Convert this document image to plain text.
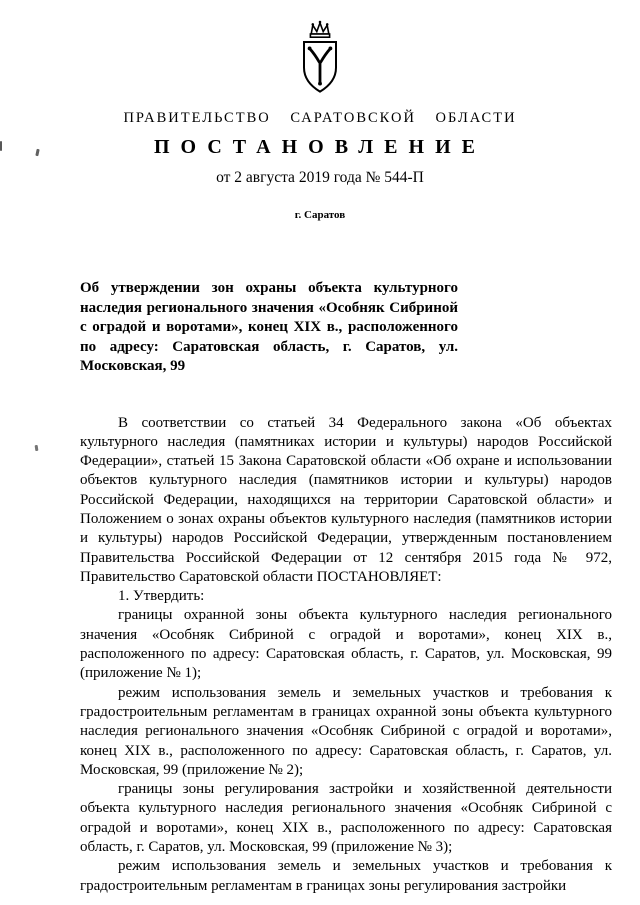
ПРАВИТЕЛЬСТВО САРАТОВСКОЙ ОБЛАСТИ
ПОСТАНОВЛЕНИЕ
от 2 августа 2019 года № 544-П
г. Саратов
Об утверждении зон охраны объекта культурного наследия регионального значения «Особняк Сибриной с оградой и воротами», конец XIX в., расположенного по адресу: Саратовская область, г. Саратов, ул. Московская, 99

В соответствии со статьей 34 Федерального закона «Об объектах культурного наследия (памятниках истории и культуры) народов Российской Федерации», статьей 15 Закона Саратовской области «Об охране и использовании объектов культурного наследия (памятников истории и культуры) народов Российской Федерации, находящихся на территории Саратовской области» и Положением о зонах охраны объектов культурного наследия (памятников истории и культуры) народов Российской Федерации, утвержденным постановлением Правительства Российской Федерации от 12 сентября 2015 года № 972, Правительство Саратовской области ПОСТАНОВЛЯЕТ:

1. Утвердить:

границы охранной зоны объекта культурного наследия регионального значения «Особняк Сибриной с оградой и воротами», конец XIX в., расположенного по адресу: Саратовская область, г. Саратов, ул. Московская, 99 (приложение № 1);

режим использования земель и земельных участков и требования к градостроительным регламентам в границах охранной зоны объекта культурного наследия регионального значения «Особняк Сибриной с оградой и воротами», конец XIX в., расположенного по адресу: Саратовская область, г. Саратов, ул. Московская, 99 (приложение № 2);

границы зоны регулирования застройки и хозяйственной деятельности объекта культурного наследия регионального значения «Особняк Сибриной с оградой и воротами», конец XIX в., расположенного по адресу: Саратовская область, г. Саратов, ул. Московская, 99 (приложение № 3);

режим использования земель и земельных участков и требования к градостроительным регламентам в границах зоны регулирования застройки
